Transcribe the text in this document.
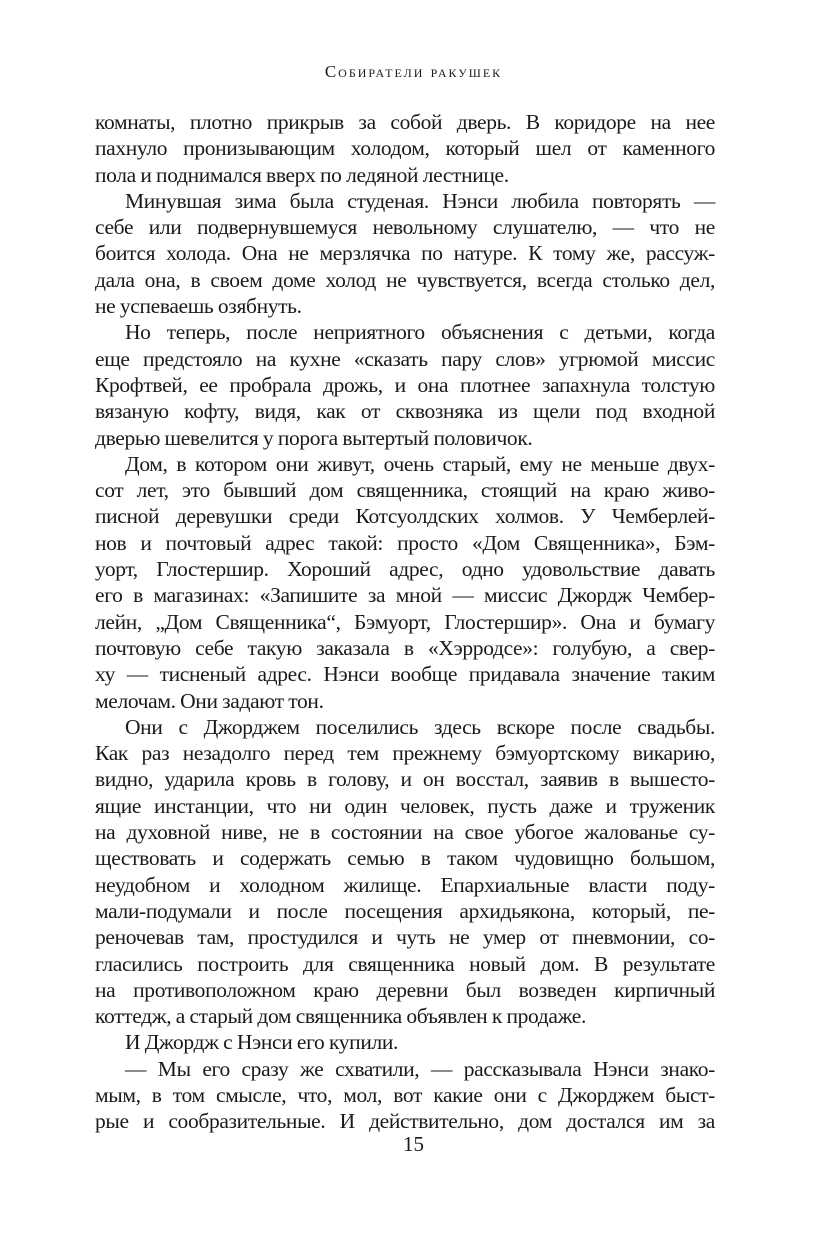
Собиратели ракушек
комнаты, плотно прикрыв за собой дверь. В коридоре на нее
пахнуло пронизывающим холодом, который шел от каменного
пола и поднимался вверх по ледяной лестнице.
Минувшая зима была студеная. Нэнси любила повторять —
себе или подвернувшемуся невольному слушателю, — что не
боится холода. Она не мерзлячка по натуре. К тому же, рассуж-
дала она, в своем доме холод не чувствуется, всегда столько дел,
не успеваешь озябнуть.
Но теперь, после неприятного объяснения с детьми, когда
еще предстояло на кухне «сказать пару слов» угрюмой миссис
Крофтвей, ее пробрала дрожь, и она плотнее запахнула толстую
вязаную кофту, видя, как от сквозняка из щели под входной
дверью шевелится у порога вытертый половичок.
Дом, в котором они живут, очень старый, ему не меньше двух-
сот лет, это бывший дом священника, стоящий на краю живо-
писной деревушки среди Котсуолдских холмов. У Чемберлей-
нов и почтовый адрес такой: просто «Дом Священника», Бэм-
уорт, Глостершир. Хороший адрес, одно удовольствие давать
его в магазинах: «Запишите за мной — миссис Джордж Чембер-
лейн, „Дом Священника“, Бэмуорт, Глостершир». Она и бумагу
почтовую себе такую заказала в «Хэрродсе»: голубую, а свер-
ху — тисненый адрес. Нэнси вообще придавала значение таким
мелочам. Они задают тон.
Они с Джорджем поселились здесь вскоре после свадьбы.
Как раз незадолго перед тем прежнему бэмуортскому викарию,
видно, ударила кровь в голову, и он восстал, заявив в вышесто-
ящие инстанции, что ни один человек, пусть даже и труженик
на духовной ниве, не в состоянии на свое убогое жалованье су-
ществовать и содержать семью в таком чудовищно большом,
неудобном и холодном жилище. Епархиальные власти поду-
мали-подумали и после посещения архидьякона, который, пе-
реночевав там, простудился и чуть не умер от пневмонии, со-
гласились построить для священника новый дом. В результате
на противоположном краю деревни был возведен кирпичный
коттедж, а старый дом священника объявлен к продаже.
И Джордж с Нэнси его купили.
— Мы его сразу же схватили, — рассказывала Нэнси знако-
мым, в том смысле, что, мол, вот какие они с Джорджем быст-
рые и сообразительные. И действительно, дом достался им за
15
